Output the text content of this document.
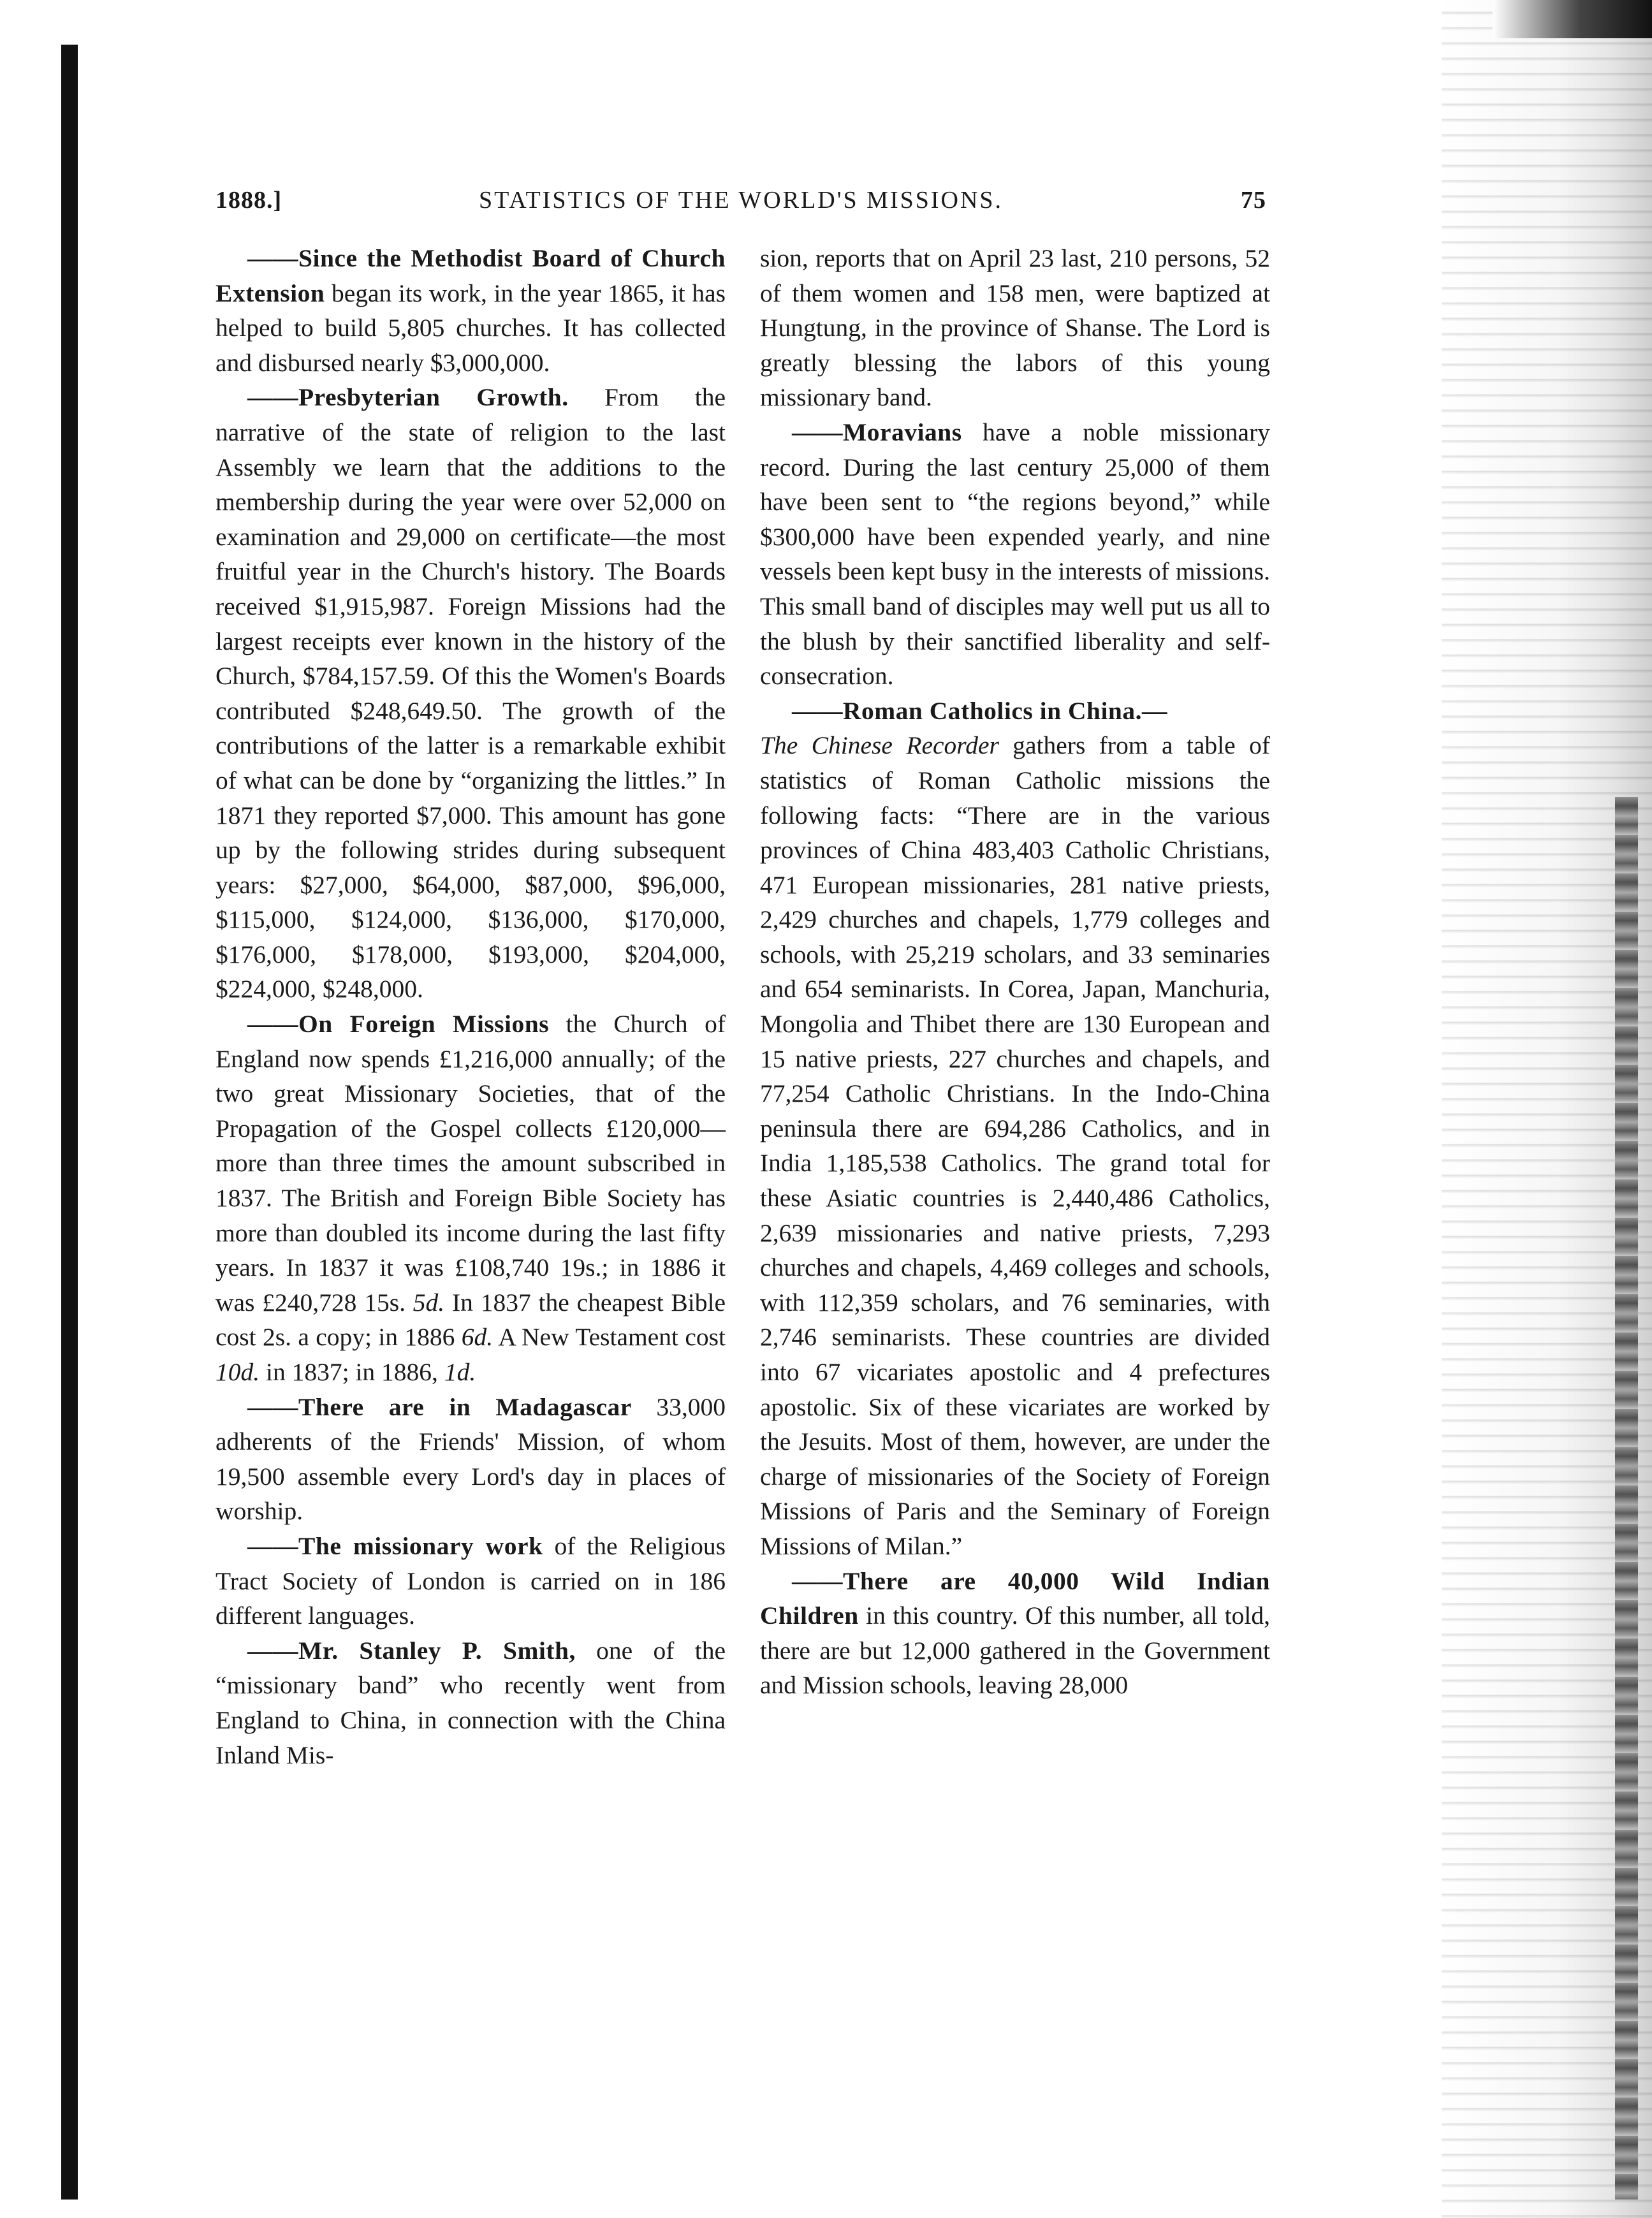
1888.]	STATISTICS OF THE WORLD'S MISSIONS.	75

——Since the Methodist Board of Church Extension began its work, in the year 1865, it has helped to build 5,805 churches. It has collected and disbursed nearly $3,000,000.

——Presbyterian Growth. From the narrative of the state of religion to the last Assembly we learn that the additions to the membership during the year were over 52,000 on examination and 29,000 on certificate—the most fruitful year in the Church's history. The Boards received $1,915,987. Foreign Missions had the largest receipts ever known in the history of the Church, $784,157.59. Of this the Women's Boards contributed $248,649.50. The growth of the contributions of the latter is a remarkable exhibit of what can be done by “organizing the littles.” In 1871 they reported $7,000. This amount has gone up by the following strides during subsequent years: $27,000, $64,000, $87,000, $96,000, $115,000, $124,000, $136,000, $170,000, $176,000, $178,000, $193,000, $204,000, $224,000, $248,000.

——On Foreign Missions the Church of England now spends £1,216,000 annually; of the two great Missionary Societies, that of the Propagation of the Gospel collects £120,000—more than three times the amount subscribed in 1837. The British and Foreign Bible Society has more than doubled its income during the last fifty years. In 1837 it was £108,740 19s.; in 1886 it was £240,728 15s. 5d. In 1837 the cheapest Bible cost 2s. a copy; in 1886 6d. A New Testament cost 10d. in 1837; in 1886, 1d.

——There are in Madagascar 33,000 adherents of the Friends' Mission, of whom 19,500 assemble every Lord's day in places of worship.

——The missionary work of the Religious Tract Society of London is carried on in 186 different languages.

——Mr. Stanley P. Smith, one of the “missionary band” who recently went from England to China, in connection with the China Inland Mis-

sion, reports that on April 23 last, 210 persons, 52 of them women and 158 men, were baptized at Hungtung, in the province of Shanse. The Lord is greatly blessing the labors of this young missionary band.

——Moravians have a noble missionary record. During the last century 25,000 of them have been sent to “the regions beyond,” while $300,000 have been expended yearly, and nine vessels been kept busy in the interests of missions. This small band of disciples may well put us all to the blush by their sanctified liberality and self-consecration.

——Roman Catholics in China.—
The Chinese Recorder gathers from a table of statistics of Roman Catholic missions the following facts: “There are in the various provinces of China 483,403 Catholic Christians, 471 European missionaries, 281 native priests, 2,429 churches and chapels, 1,779 colleges and schools, with 25,219 scholars, and 33 seminaries and 654 seminarists. In Corea, Japan, Manchuria, Mongolia and Thibet there are 130 European and 15 native priests, 227 churches and chapels, and 77,254 Catholic Christians. In the Indo-China peninsula there are 694,286 Catholics, and in India 1,185,538 Catholics. The grand total for these Asiatic countries is 2,440,486 Catholics, 2,639 missionaries and native priests, 7,293 churches and chapels, 4,469 colleges and schools, with 112,359 scholars, and 76 seminaries, with 2,746 seminarists. These countries are divided into 67 vicariates apostolic and 4 prefectures apostolic. Six of these vicariates are worked by the Jesuits. Most of them, however, are under the charge of missionaries of the Society of Foreign Missions of Paris and the Seminary of Foreign Missions of Milan.”

——There are 40,000 Wild Indian Children in this country. Of this number, all told, there are but 12,000 gathered in the Government and Mission schools, leaving 28,000
